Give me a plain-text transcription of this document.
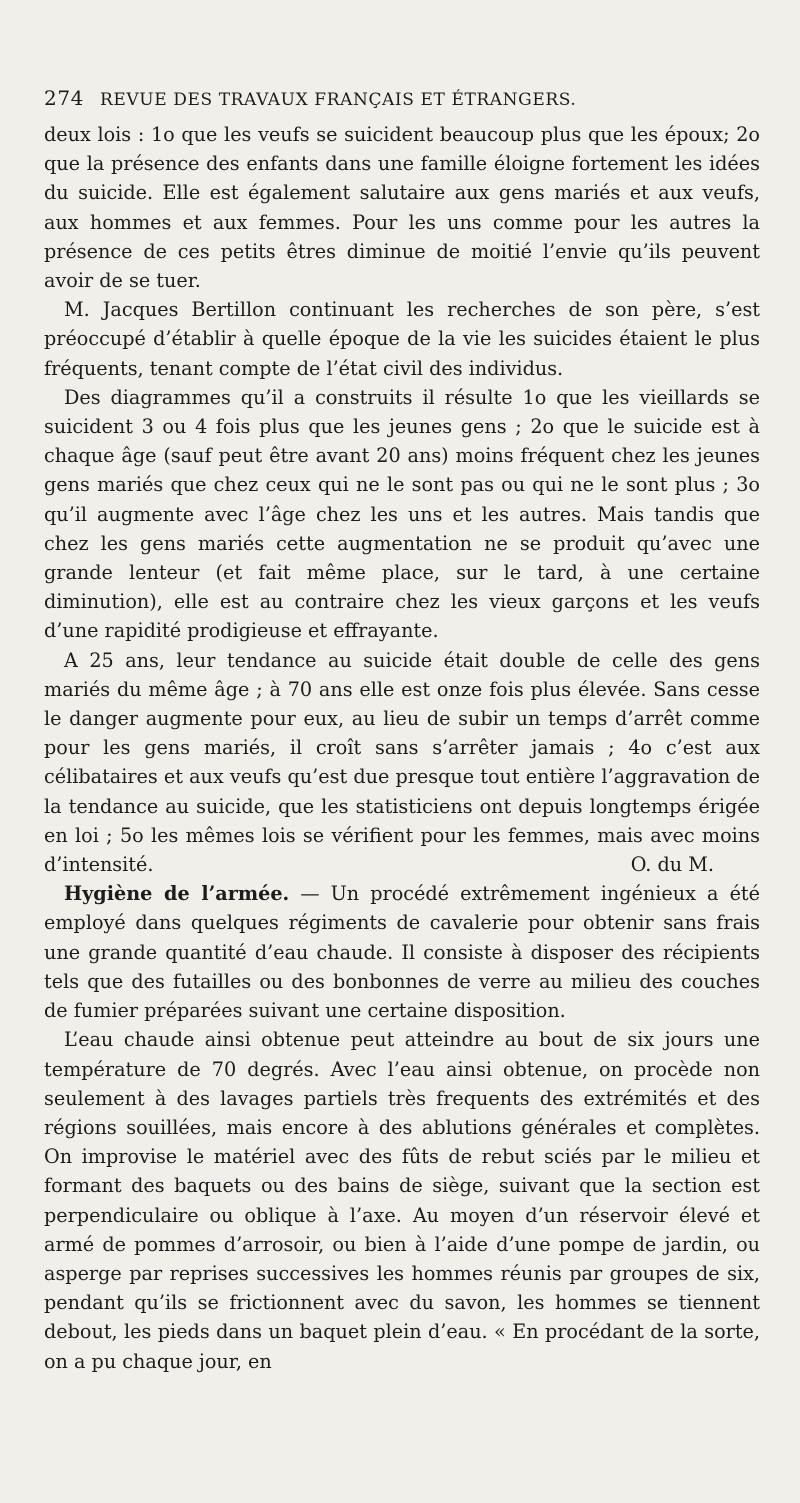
274 REVUE DES TRAVAUX FRANÇAIS ET ÉTRANGERS.

deux lois : 1o que les veufs se suicident beaucoup plus que les époux; 2o que la présence des enfants dans une famille éloigne fortement les idées du suicide. Elle est également salutaire aux gens mariés et aux veufs, aux hommes et aux femmes. Pour les uns comme pour les autres la présence de ces petits êtres diminue de moitié l’envie qu’ils peuvent avoir de se tuer.

M. Jacques Bertillon continuant les recherches de son père, s’est préoccupé d’établir à quelle époque de la vie les suicides étaient le plus fréquents, tenant compte de l’état civil des individus.

Des diagrammes qu’il a construits il résulte 1o que les vieillards se suicident 3 ou 4 fois plus que les jeunes gens ; 2o que le suicide est à chaque âge (sauf peut être avant 20 ans) moins fréquent chez les jeunes gens mariés que chez ceux qui ne le sont pas ou qui ne le sont plus ; 3o qu’il augmente avec l’âge chez les uns et les autres. Mais tandis que chez les gens mariés cette augmentation ne se produit qu’avec une grande lenteur (et fait même place, sur le tard, à une certaine diminution), elle est au contraire chez les vieux garçons et les veufs d’une rapidité prodigieuse et effrayante.

A 25 ans, leur tendance au suicide était double de celle des gens mariés du même âge ; à 70 ans elle est onze fois plus élevée. Sans cesse le danger augmente pour eux, au lieu de subir un temps d’arrêt comme pour les gens mariés, il croît sans s’arrêter jamais ; 4o c’est aux célibataires et aux veufs qu’est due presque tout entière l’aggravation de la tendance au suicide, que les statisticiens ont depuis longtemps érigée en loi ; 5o les mêmes lois se vérifient pour les femmes, mais avec moins d’intensité.	O. du M.

Hygiène de l’armée. — Un procédé extrêmement ingénieux a été employé dans quelques régiments de cavalerie pour obtenir sans frais une grande quantité d’eau chaude. Il consiste à disposer des récipients tels que des futailles ou des bonbonnes de verre au milieu des couches de fumier préparées suivant une certaine disposition.

L’eau chaude ainsi obtenue peut atteindre au bout de six jours une température de 70 degrés. Avec l’eau ainsi obtenue, on procède non seulement à des lavages partiels très frequents des extrémités et des régions souillées, mais encore à des ablutions générales et complètes. On improvise le matériel avec des fûts de rebut sciés par le milieu et formant des baquets ou des bains de siège, suivant que la section est perpendiculaire ou oblique à l’axe. Au moyen d’un réservoir élevé et armé de pommes d’arrosoir, ou bien à l’aide d’une pompe de jardin, ou asperge par reprises successives les hommes réunis par groupes de six, pendant qu’ils se frictionnent avec du savon, les hommes se tiennent debout, les pieds dans un baquet plein d’eau. « En procédant de la sorte, on a pu chaque jour, en
